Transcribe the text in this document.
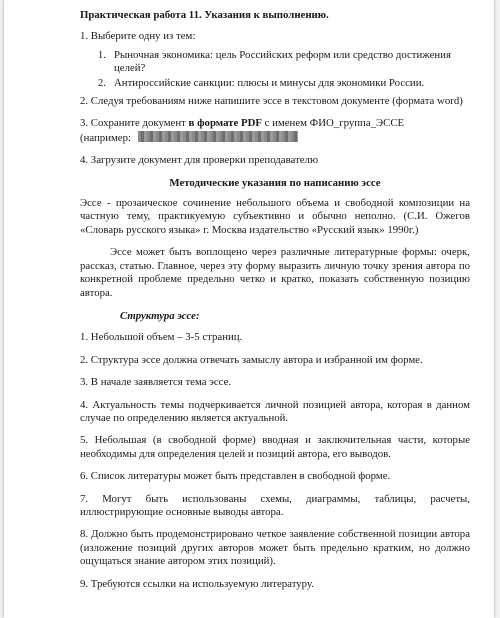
Практическая работа 11. Указания к выполнению.

1. Выберите одну из тем:

1. Рыночная экономика: цель Российских реформ или средство достижения целей?
2. Антироссийские санкции: плюсы и минусы для экономики России.

2. Следуя требованиям ниже напишите эссе в текстовом документе (формата word)

3. Сохраните документ в формате PDF с именем ФИО_группа_ЭССЕ
(например:

4. Загрузите документ для проверки преподавателю

Методические указания по написанию эссе

Эссе - прозаическое сочинение небольшого объема и свободной композиции на частную тему, практикуемую субъективно и обычно неполно. (С.И. Ожегов «Словарь русского языка» г. Москва издательство «Русский язык» 1990г.)

Эссе может быть воплощено через различные литературные формы: очерк, рассказ, статью. Главное, через эту форму выразить личную точку зрения автора по конкретной проблеме предельно четко и кратко, показать собственную позицию автора.

Структура эссе:

1. Небольшой объем – 3-5 страниц.

2. Структура эссе должна отвечать замыслу автора и избранной им форме.

3. В начале заявляется тема эссе.

4. Актуальность темы подчеркивается личной позицией автора, которая в данном случае по определению является актуальной.

5. Небольшая (в свободной форме) вводная и заключительная части, которые необходимы для определения целей и позиций автора, его выводов.

6. Список литературы может быть представлен в свободной форме.

7. Могут быть использованы схемы, диаграммы, таблицы, расчеты, иллюстрирующие основные выводы автора.

8. Должно быть продемонстрировано четкое заявление собственной позиции автора (изложение позиций других авторов может быть предельно кратким, но должно ощущаться знание автором этих позиций).

9. Требуются ссылки на используемую литературу.
